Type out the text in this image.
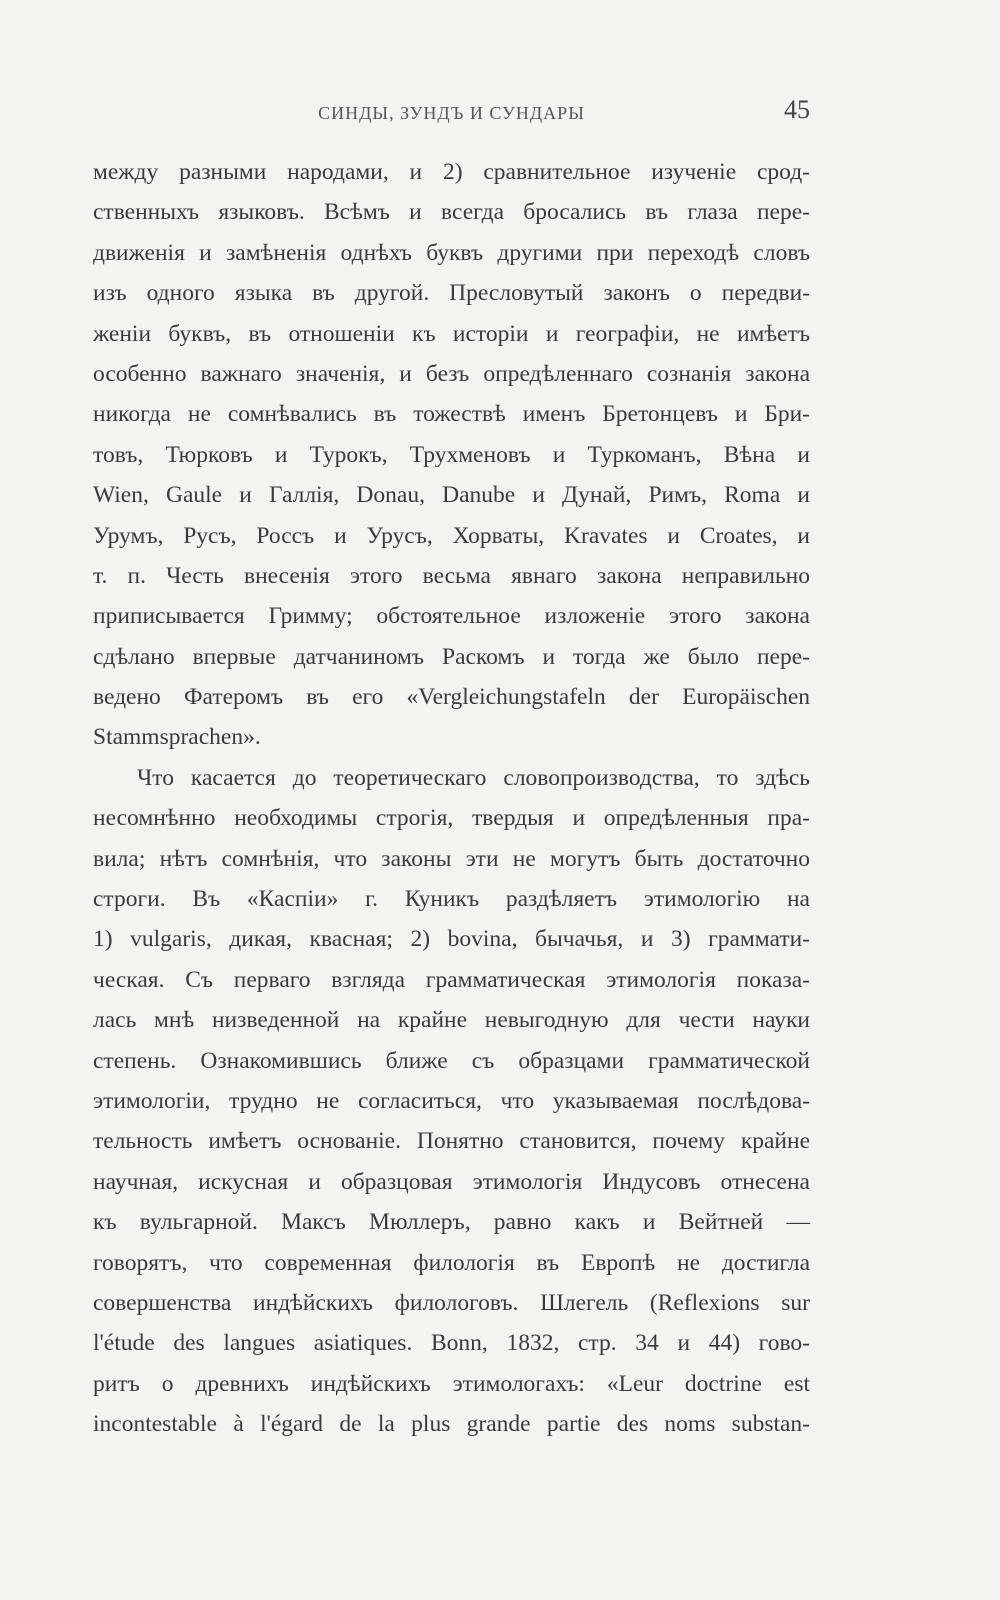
СИНДЫ, ЗУНДЪ И СУНДАРЫ	45
между разными народами, и 2) сравнительное изученіе срод-
ственныхъ языковъ. Всѣмъ и всегда бросались въ глаза пере-
движенія и замѣненія однѣхъ буквъ другими при переходѣ словъ
изъ одного языка въ другой. Пресловутый законъ о передви-
женіи буквъ, въ отношеніи къ исторіи и географіи, не имѣетъ
особенно важнаго значенія, и безъ опредѣленнаго сознанія закона
никогда не сомнѣвались въ тожествѣ именъ Бретонцевъ и Бри-
товъ, Тюрковъ и Турокъ, Трухменовъ и Туркоманъ, Вѣна и
Wien, Gaule и Галлія, Donau, Danube и Дунай, Римъ, Roma и
Урумъ, Русъ, Россъ и Урусъ, Хорваты, Kravates и Croates, и
т. п. Честь внесенія этого весьма явнаго закона неправильно
приписывается Гримму; обстоятельное изложеніе этого закона
сдѣлано впервые датчаниномъ Раскомъ и тогда же было пере-
ведено Фатеромъ въ его «Vergleichungstafeln der Europäischen
Stammsprachen».
Что касается до теоретическаго словопроизводства, то здѣсь
несомнѣнно необходимы строгія, твердыя и опредѣленныя пра-
вила; нѣтъ сомнѣнія, что законы эти не могутъ быть достаточно
строги. Въ «Каспіи» г. Куникъ раздѣляетъ этимологію на
1) vulgaris, дикая, квасная; 2) bovina, бычачья, и 3) граммати-
ческая. Съ перваго взгляда грамматическая этимологія показа-
лась мнѣ низведенной на крайне невыгодную для чести науки
степень. Ознакомившись ближе съ образцами грамматической
этимологіи, трудно не согласиться, что указываемая послѣдова-
тельность имѣетъ основаніе. Понятно становится, почему крайне
научная, искусная и образцовая этимологія Индусовъ отнесена
къ вульгарной. Максъ Мюллеръ, равно какъ и Вейтней —
говорятъ, что современная филологія въ Европѣ не достигла
совершенства индѣйскихъ филологовъ. Шлегель (Reflexions sur
l'étude des langues asiatiques. Bonn, 1832, стр. 34 и 44) гово-
ритъ о древнихъ индѣйскихъ этимологахъ: «Leur doctrine est
incontestable à l'égard de la plus grande partie des noms substan-
